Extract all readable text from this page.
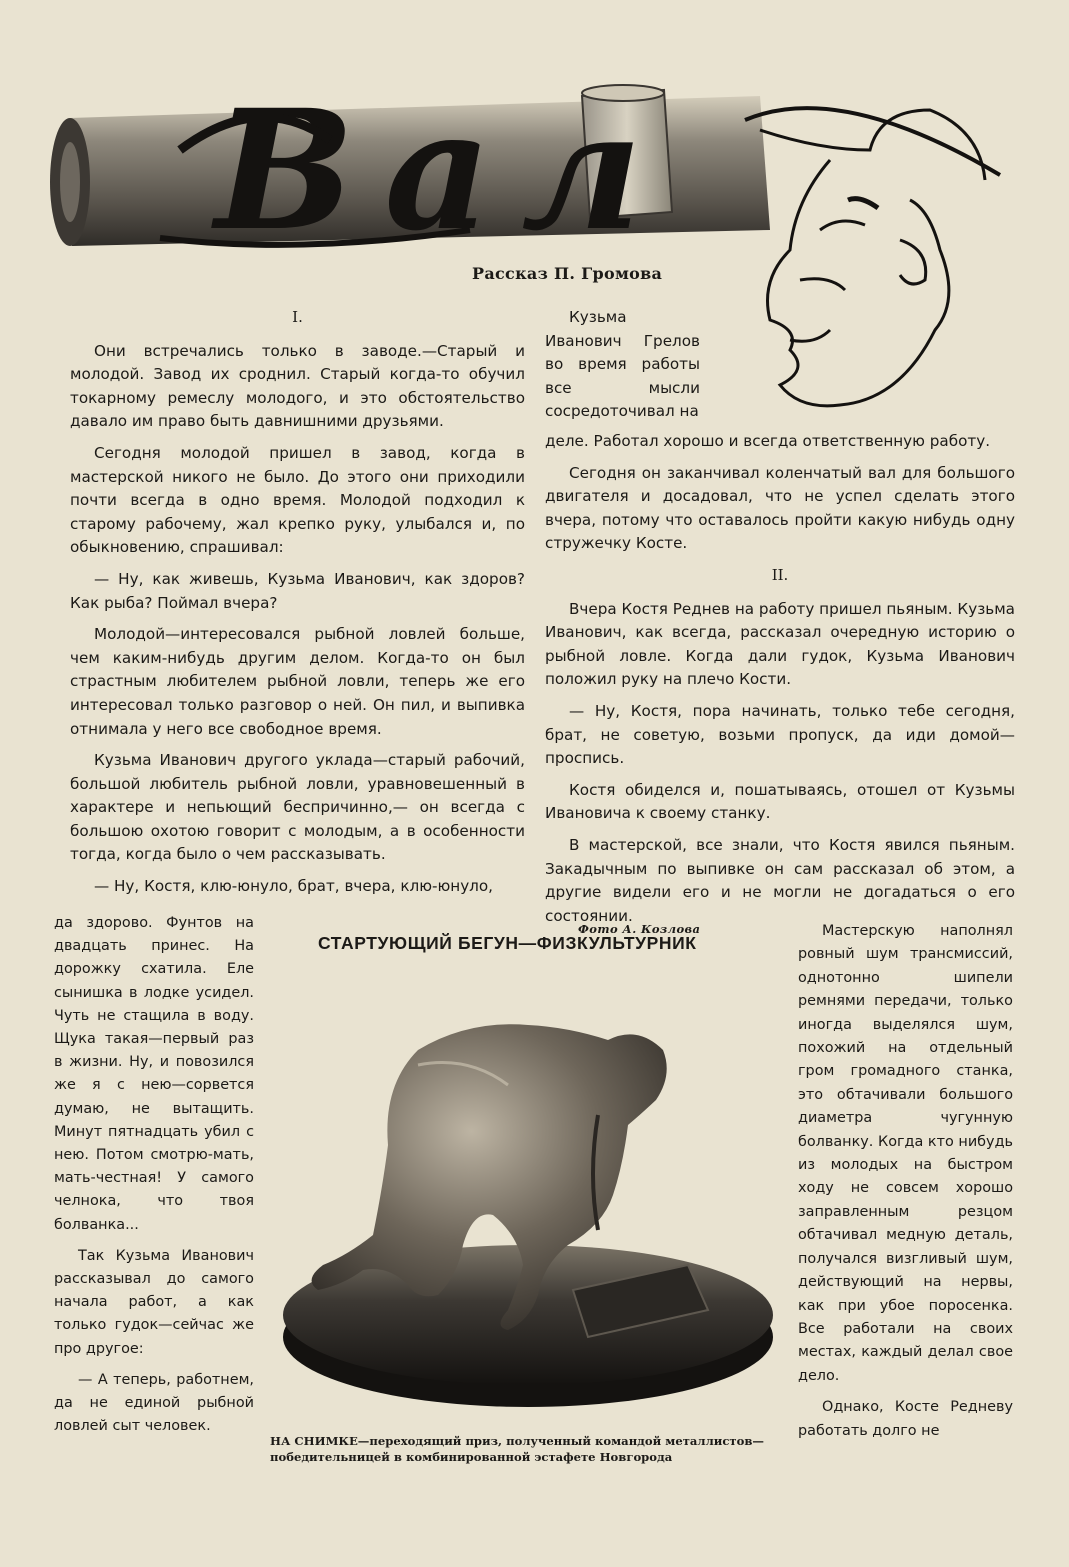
Вал
Рассказ П. Громова
I.

Они встречались только в заводе.—Старый и молодой. Завод их сроднил. Старый когда-то обучил токарному ремеслу молодого, и это обстоятельство давало им право быть давнишними друзьями.

Сегодня молодой пришел в завод, когда в мастерской никого не было. До этого они приходили почти всегда в одно время. Молодой подходил к старому рабочему, жал крепко руку, улыбался и, по обыкновению, спрашивал:

— Ну, как живешь, Кузьма Иванович, как здоров? Как рыба? Поймал вчера?

Молодой—интересовался рыбной ловлей больше, чем каким-нибудь другим делом. Когда-то он был страстным любителем рыбной ловли, теперь же его интересовал только разговор о ней. Он пил, и выпивка отнимала у него все свободное время.

Кузьма Иванович другого уклада—старый рабочий, большой любитель рыбной ловли, уравновешенный в характере и непьющий беспричинно,— он всегда с большою охотою говорит с молодым, а в особенности тогда, когда было о чем рассказывать.

— Ну, Костя, клю-юнуло, брат, вчера, клю-юнуло,

да здорово. Фунтов на двадцать принес. На дорожку схатила. Еле сынишка в лодке усидел. Чуть не стащила в воду. Щука такая—первый раз в жизни. Ну, и повозился же я с нею—сорвется думаю, не вытащить. Минут пятнадцать убил с нею. Потом смотрю-мать, мать-честная! У самого челнока, что твоя болванка...

Так Кузьма Иванович рассказывал до самого начала работ, а как только гудок—сейчас же про другое:

— А теперь, работнем, да не единой рыбной ловлей сыт человек.

Кузьма Иванович Грелов во время работы все мысли сосредоточивал на

деле. Работал хорошо и всегда ответственную работу.

Сегодня он заканчивал коленчатый вал для большого двигателя и досадовал, что не успел сделать этого вчера, потому что оставалось пройти какую нибудь одну стружечку Косте.

II.

Вчера Костя Реднев на работу пришел пьяным. Кузьма Иванович, как всегда, рассказал очередную историю о рыбной ловле. Когда дали гудок, Кузьма Иванович положил руку на плечо Кости.

— Ну, Костя, пора начинать, только тебе сегодня, брат, не советую, возьми пропуск, да иди домой—проспись.

Костя обиделся и, пошатываясь, отошел от Кузьмы Ивановича к своему станку.

В мастерской, все знали, что Костя явился пьяным. Закадычным по выпивке он сам рассказал об этом, а другие видели его и не могли не догадаться о его состоянии.

Мастерскую наполнял ровный шум трансмиссий, однотонно шипели ремнями передачи, только иногда выделялся шум, похожий на отдельный гром громадного станка, это обтачивали большого диаметра чугунную болванку. Когда кто нибудь из молодых на быстром ходу не совсем хорошо заправленным резцом обтачивал медную деталь, получался визгливый шум, действующий на нервы, как при убое поросенка. Все работали на своих местах, каждый делал свое дело.

Однако, Косте Редневу работать долго не

Фото А. Козлова
СТАРТУЮЩИЙ БЕГУН—ФИЗКУЛЬТУРНИК
НА СНИМКЕ—переходящий приз, полученный командой металлистов—победительницей в комбинированной эстафете Новгорода
